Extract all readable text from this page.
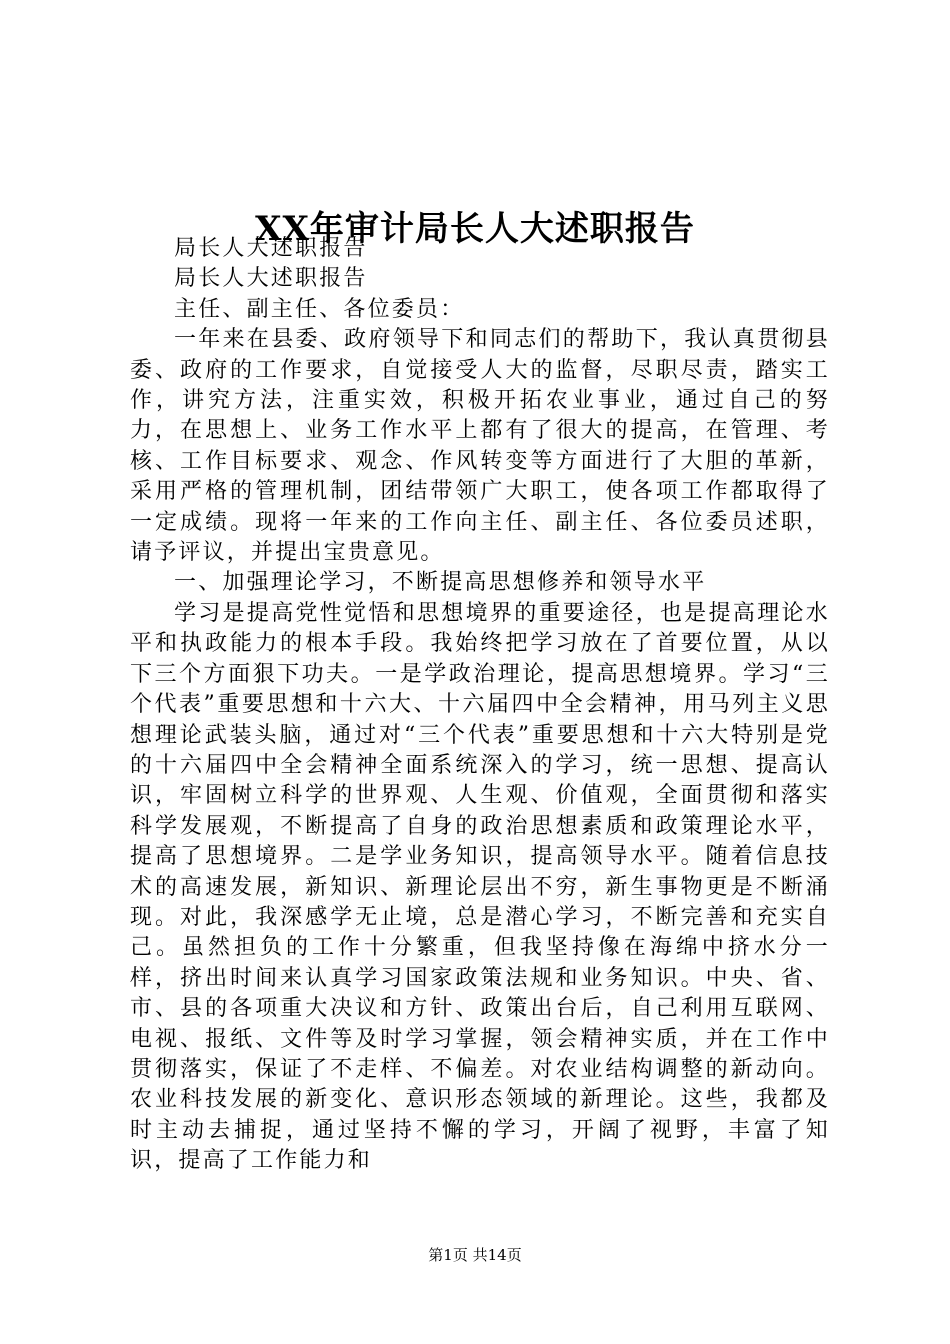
XX年审计局长人大述职报告

局长人大述职报告

局长人大述职报告

主任、副主任、各位委员：

一年来在县委、政府领导下和同志们的帮助下，我认真贯彻县委、政府的工作要求，自觉接受人大的监督，尽职尽责，踏实工作，讲究方法，注重实效，积极开拓农业事业，通过自己的努力，在思想上、业务工作水平上都有了很大的提高，在管理、考核、工作目标要求、观念、作风转变等方面进行了大胆的革新，采用严格的管理机制，团结带领广大职工，使各项工作都取得了一定成绩。现将一年来的工作向主任、副主任、各位委员述职，请予评议，并提出宝贵意见。

一、加强理论学习，不断提高思想修养和领导水平

学习是提高党性觉悟和思想境界的重要途径，也是提高理论水平和执政能力的根本手段。我始终把学习放在了首要位置，从以下三个方面狠下功夫。一是学政治理论，提高思想境界。学习“三个代表”重要思想和十六大、十六届四中全会精神，用马列主义思想理论武装头脑，通过对“三个代表”重要思想和十六大特别是党的十六届四中全会精神全面系统深入的学习，统一思想、提高认识，牢固树立科学的世界观、人生观、价值观，全面贯彻和落实科学发展观，不断提高了自身的政治思想素质和政策理论水平，提高了思想境界。二是学业务知识，提高领导水平。随着信息技术的高速发展，新知识、新理论层出不穷，新生事物更是不断涌现。对此，我深感学无止境，总是潜心学习，不断完善和充实自己。虽然担负的工作十分繁重，但我坚持像在海绵中挤水分一样，挤出时间来认真学习国家政策法规和业务知识。中央、省、市、县的各项重大决议和方针、政策出台后，自己利用互联网、电视、报纸、文件等及时学习掌握，领会精神实质，并在工作中贯彻落实，保证了不走样、不偏差。对农业结构调整的新动向。农业科技发展的新变化、意识形态领域的新理论。这些，我都及时主动去捕捉，通过坚持不懈的学习，开阔了视野，丰富了知识，提高了工作能力和

第1页 共14页
